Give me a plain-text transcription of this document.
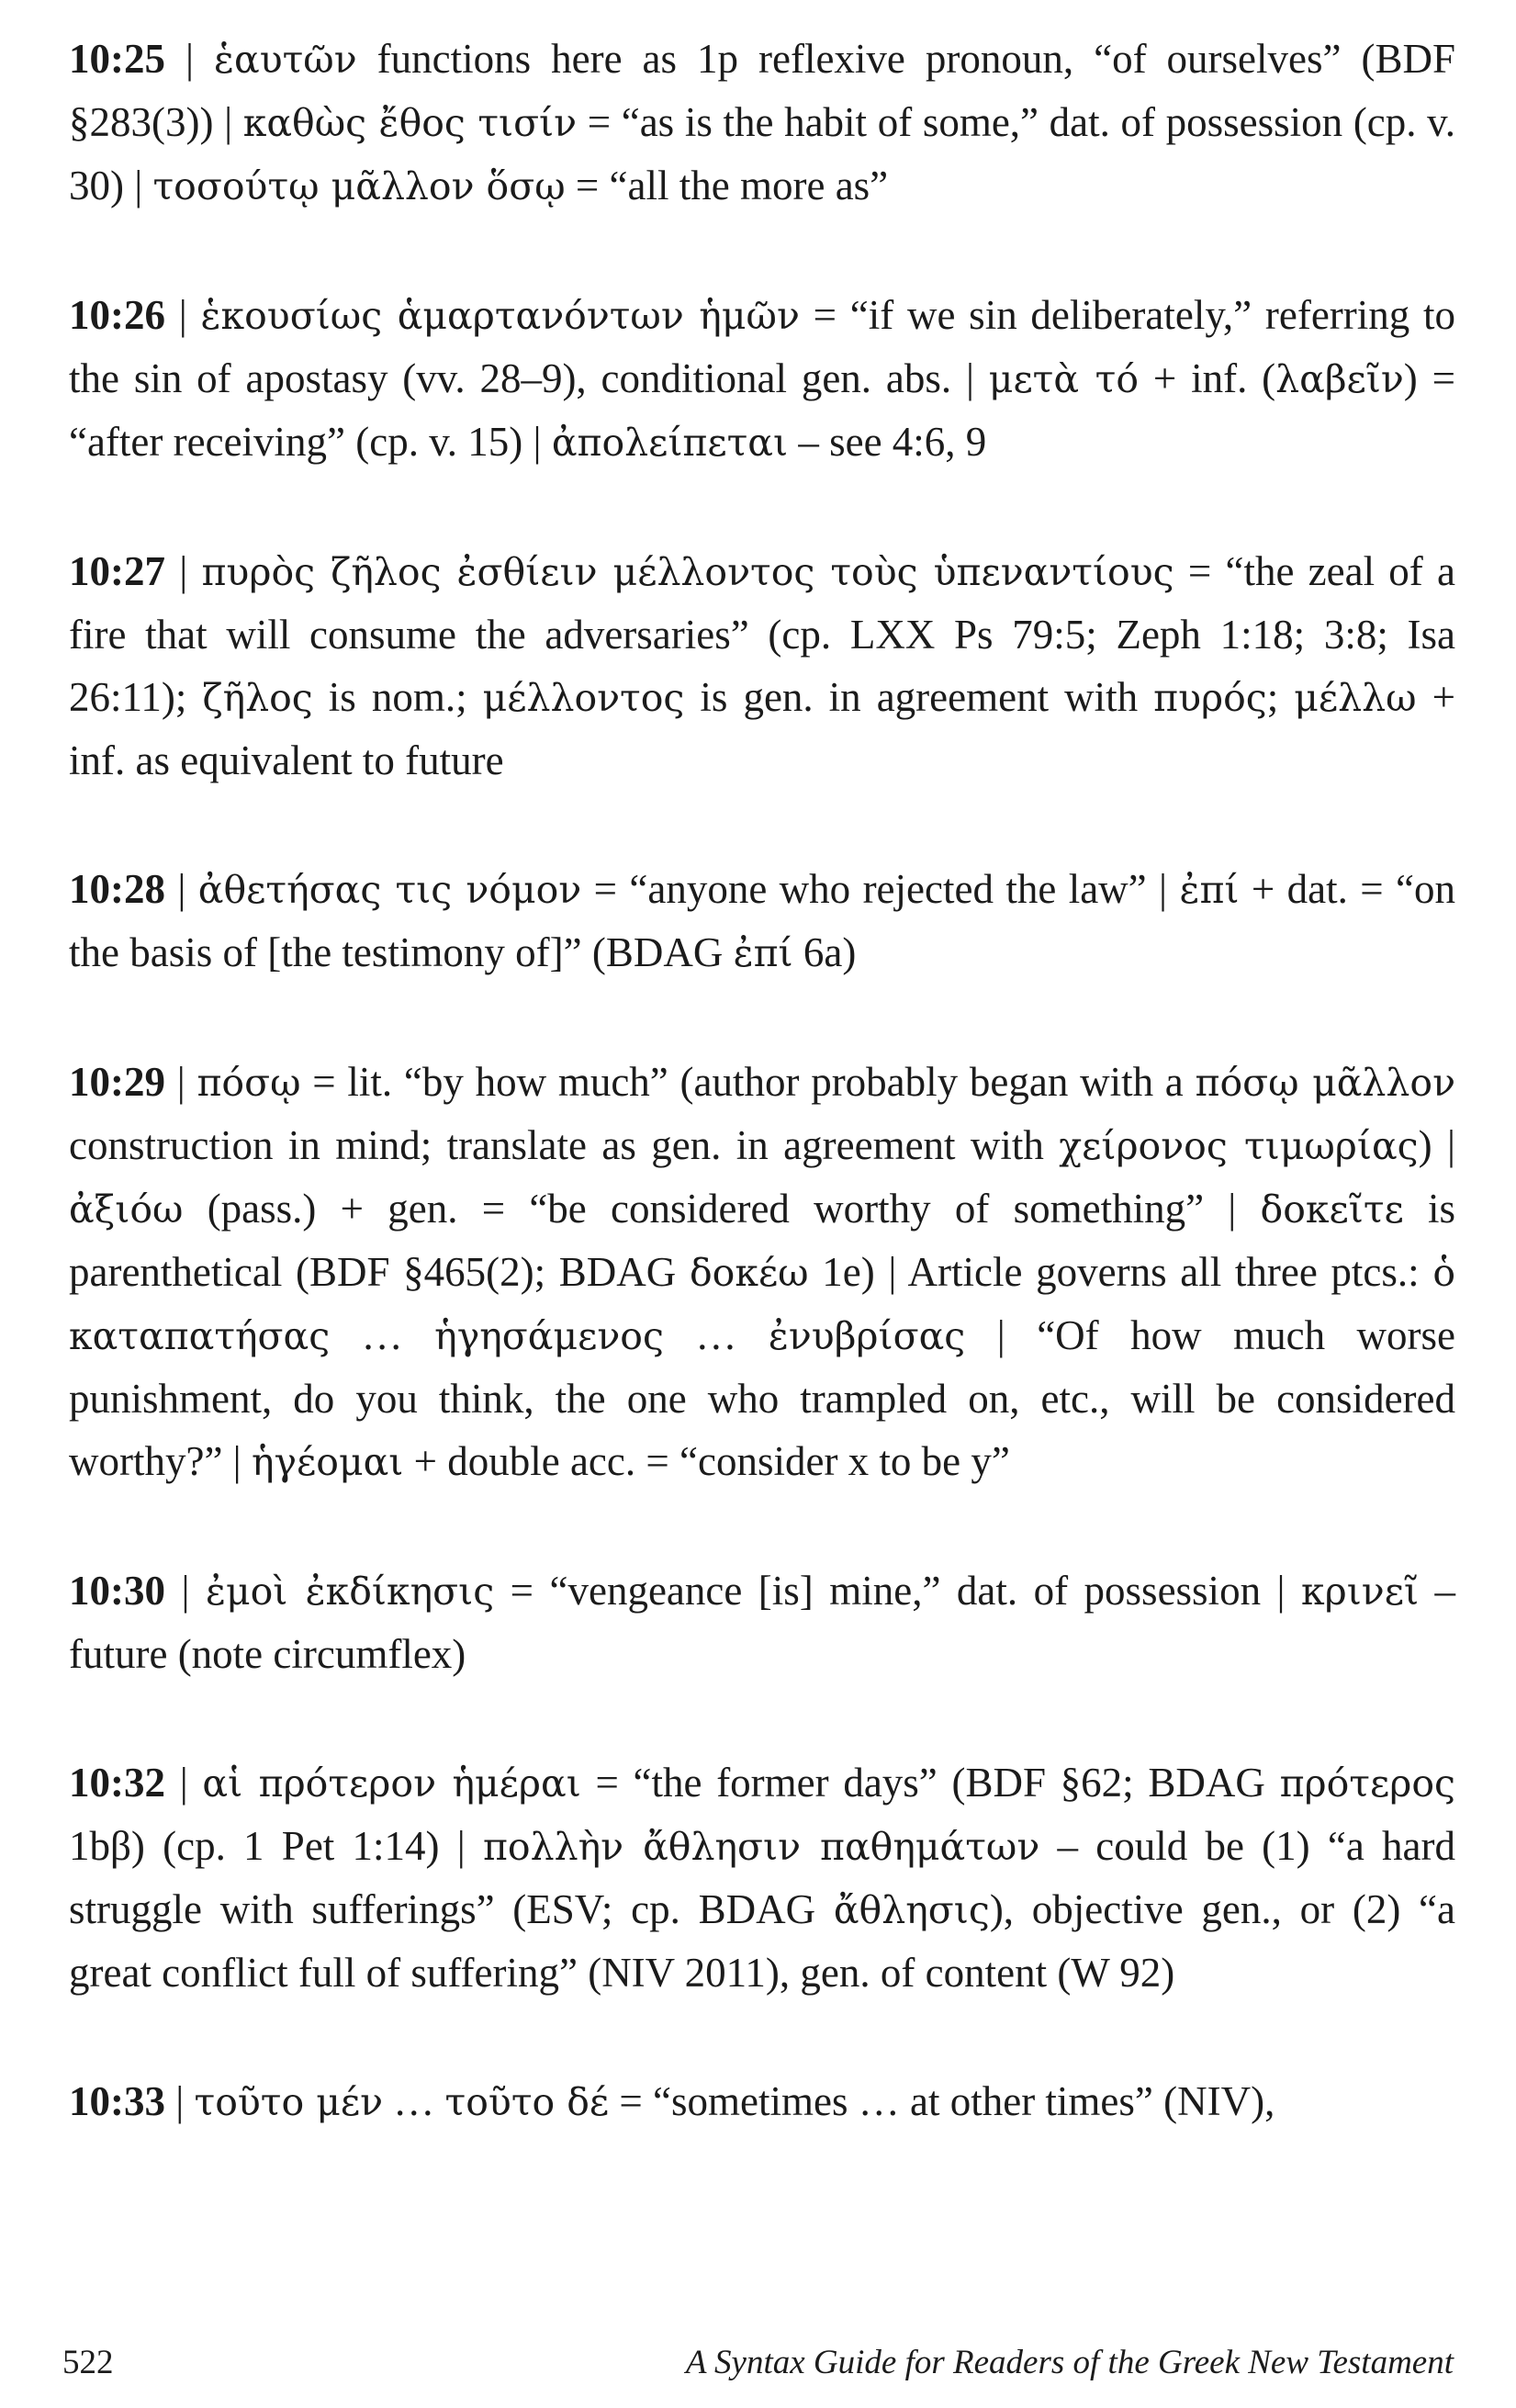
10:25 | ἑαυτῶν functions here as 1p reflexive pronoun, “of ourselves” (BDF §283(3)) | καθὼς ἔθος τισίν = “as is the habit of some,” dat. of possession (cp. v. 30) | τοσούτῳ μᾶλλον ὅσῳ = “all the more as”

10:26 | ἑκουσίως ἁμαρτανόντων ἡμῶν = “if we sin deliberately,” referring to the sin of apostasy (vv. 28–9), conditional gen. abs. | μετὰ τό + inf. (λαβεῖν) = “after receiving” (cp. v. 15) | ἀπολείπεται – see 4:6, 9

10:27 | πυρὸς ζῆλος ἐσθίειν μέλλοντος τοὺς ὑπεναντίους = “the zeal of a fire that will consume the adversaries” (cp. LXX Ps 79:5; Zeph 1:18; 3:8; Isa 26:11); ζῆλος is nom.; μέλλοντος is gen. in agreement with πυρός; μέλλω + inf. as equivalent to future

10:28 | ἀθετήσας τις νόμον = “anyone who rejected the law” | ἐπί + dat. = “on the basis of [the testimony of]” (BDAG ἐπί 6a)

10:29 | πόσῳ = lit. “by how much” (author probably began with a πόσῳ μᾶλλον construction in mind; translate as gen. in agreement with χείρονος τιμωρίας) | ἀξιόω (pass.) + gen. = “be considered worthy of something” | δοκεῖτε is parenthetical (BDF §465(2); BDAG δοκέω 1e) | Article governs all three ptcs.: ὁ καταπατήσας … ἡγησάμενος … ἐνυβρίσας | “Of how much worse punishment, do you think, the one who trampled on, etc., will be considered worthy?” | ἡγέομαι + double acc. = “consider x to be y”

10:30 | ἐμοὶ ἐκδίκησις = “vengeance [is] mine,” dat. of possession | κρινεῖ – future (note circumflex)

10:32 | αἱ πρότερον ἡμέραι = “the former days” (BDF §62; BDAG πρότερος 1bβ) (cp. 1 Pet 1:14) | πολλὴν ἄθλησιν παθημάτων – could be (1) “a hard struggle with sufferings” (ESV; cp. BDAG ἄθλησις), objective gen., or (2) “a great conflict full of suffering” (NIV 2011), gen. of content (W 92)

10:33 | τοῦτο μέν … τοῦτο δέ = “sometimes … at other times” (NIV),

522	A Syntax Guide for Readers of the Greek New Testament
